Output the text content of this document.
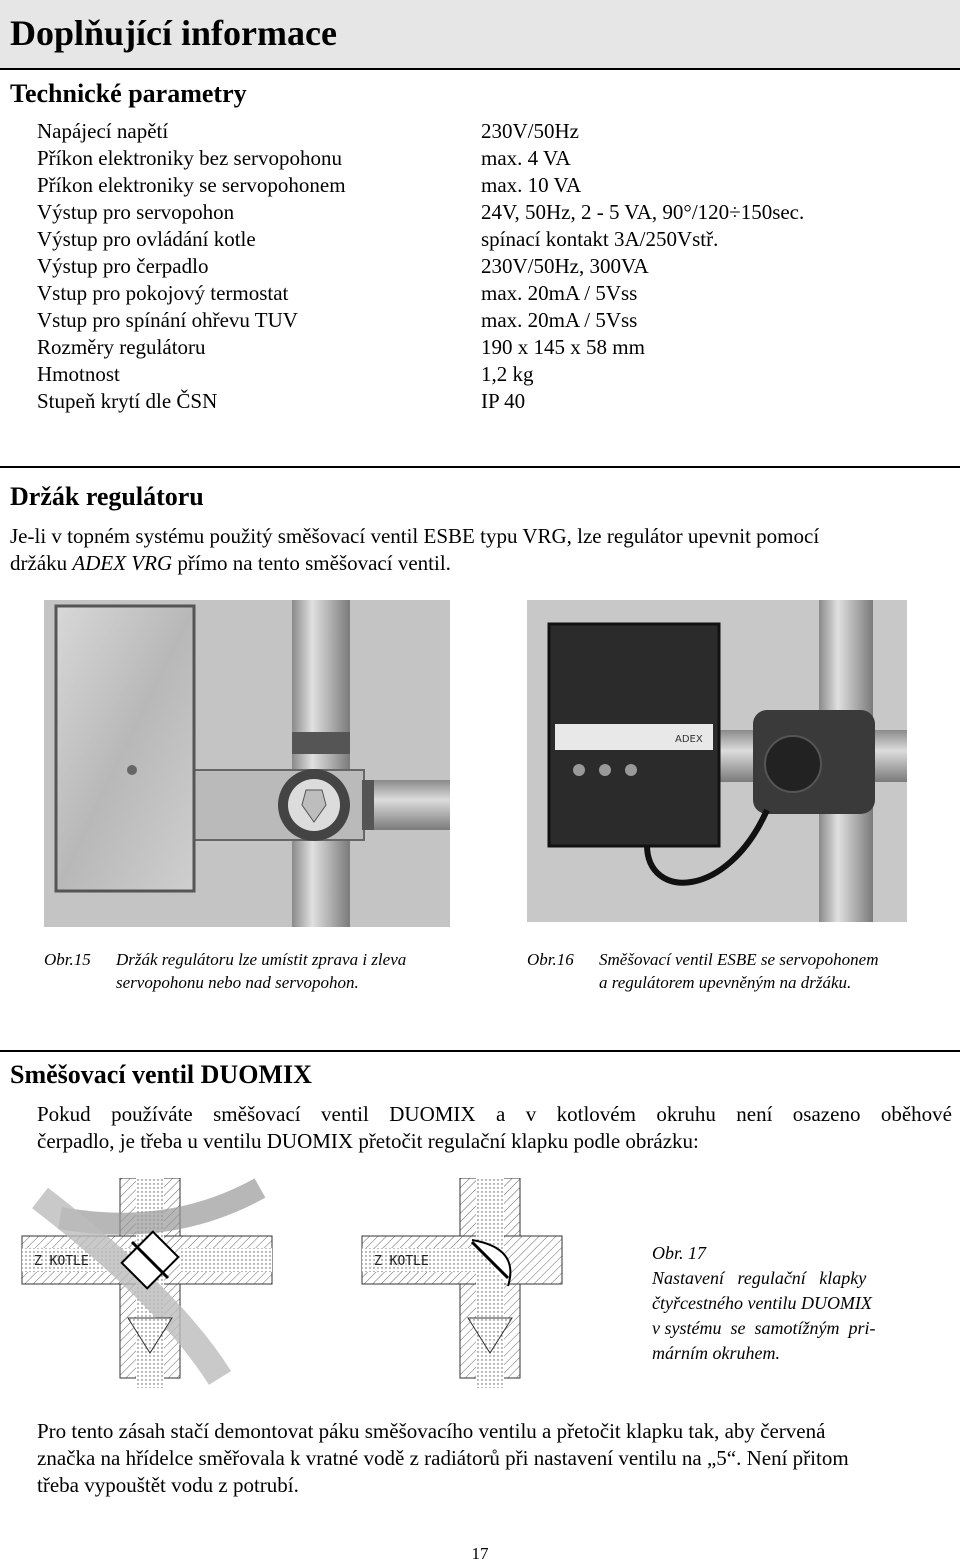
Doplňující informace
Technické parametry
Napájecí napětí	230V/50Hz
Příkon elektroniky bez servopohonu	max. 4 VA
Příkon elektroniky se servopohonem	max. 10 VA
Výstup pro servopohon	24V, 50Hz, 2 - 5 VA, 90°/120÷150sec.
Výstup pro ovládání kotle	spínací kontakt 3A/250Vstř.
Výstup pro čerpadlo	230V/50Hz, 300VA
Vstup pro pokojový termostat	max. 20mA / 5Vss
Vstup pro spínání ohřevu TUV	max. 20mA / 5Vss
Rozměry regulátoru	190 x 145 x 58 mm
Hmotnost	1,2 kg
Stupeň krytí dle ČSN	IP 40
Držák regulátoru
Je-li v topném systému použitý směšovací ventil ESBE typu VRG, lze regulátor upevnit pomocí
držáku ADEX VRG přímo na tento směšovací ventil.
ADEX
Obr.15 Držák regulátoru lze umístit zprava i zleva
servopohonu nebo nad servopohon.
Obr.16 Směšovací ventil ESBE se servopohonem
a regulátorem upevněným na držáku.
Směšovací ventil DUOMIX
Pokud používáte směšovací ventil DUOMIX a v kotlovém okruhu není osazeno oběhové
čerpadlo, je třeba u ventilu DUOMIX přetočit regulační klapku podle obrázku:
Z KOTLE	Z KOTLE	Obr. 17
Nastavení   regulační   klapky
čtyřcestného ventilu DUOMIX
v systému  se  samotížným  pri-
márním okruhem.
Pro tento zásah stačí demontovat páku směšovacího ventilu a přetočit klapku tak, aby červená
značka na hřídelce směřovala k vratné vodě z radiátorů při nastavení ventilu na „5“. Není přitom
třeba vypouštět vodu z potrubí.
17
